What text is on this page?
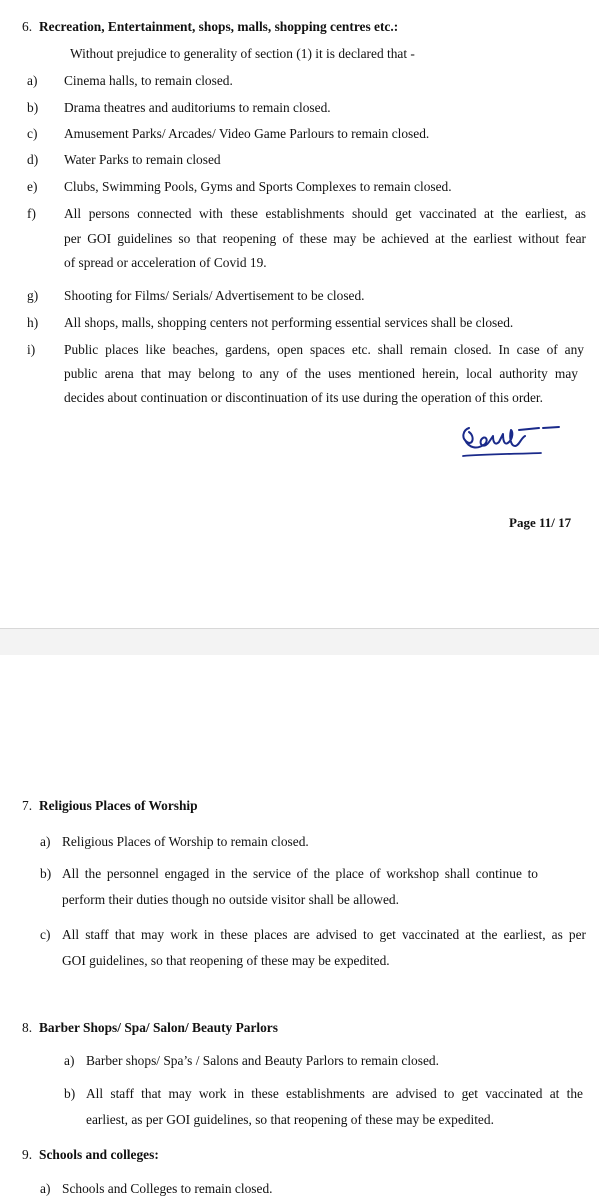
6. Recreation, Entertainment, shops, malls, shopping centres etc.:
Without prejudice to generality of section (1) it is declared that -
a) Cinema halls, to remain closed.
b) Drama theatres and auditoriums to remain closed.
c) Amusement Parks/ Arcades/ Video Game Parlours to remain closed.
d) Water Parks to remain closed
e) Clubs, Swimming Pools, Gyms and Sports Complexes to remain closed.
f) All persons connected with these establishments should get vaccinated at the earliest, as
per GOI guidelines so that reopening of these may be achieved at the earliest without fear
of spread or acceleration of Covid 19.
g) Shooting for Films/ Serials/ Advertisement to be closed.
h) All shops, malls, shopping centers not performing essential services shall be closed.
i) Public places like beaches, gardens, open spaces etc. shall remain closed. In case of any
public arena that may belong to any of the uses mentioned herein, local authority may
decides about continuation or discontinuation of its use during the operation of this order.
Page 11/ 17
7. Religious Places of Worship
a) Religious Places of Worship to remain closed.
b) All the personnel engaged in the service of the place of workshop shall continue to
perform their duties though no outside visitor shall be allowed.
c) All staff that may work in these places are advised to get vaccinated at the earliest, as per
GOI guidelines, so that reopening of these may be expedited.
8. Barber Shops/ Spa/ Salon/ Beauty Parlors
a) Barber shops/ Spa’s / Salons and Beauty Parlors to remain closed.
b) All staff that may work in these establishments are advised to get vaccinated at the
earliest, as per GOI guidelines, so that reopening of these may be expedited.
9. Schools and colleges:
a) Schools and Colleges to remain closed.
